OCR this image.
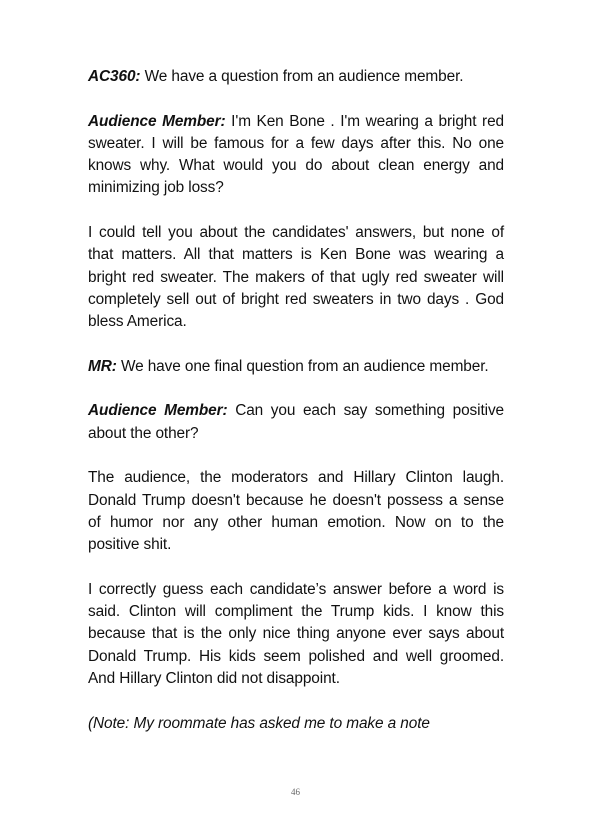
AC360: We have a question from an audience member.

Audience Member: I'm Ken Bone . I'm wearing a bright red sweater. I will be famous for a few days after this. No one knows why. What would you do about clean energy and minimizing job loss?

I could tell you about the candidates' answers, but none of that matters. All that matters is Ken Bone was wearing a bright red sweater. The makers of that ugly red sweater will completely sell out of bright red sweaters in two days . God bless America.

MR: We have one final question from an audience member.

Audience Member: Can you each say something positive about the other?

The audience, the moderators and Hillary Clinton laugh. Donald Trump doesn't because he doesn't possess a sense of humor nor any other human emotion. Now on to the positive shit.

I correctly guess each candidate’s answer before a word is said. Clinton will compliment the Trump kids. I know this because that is the only nice thing anyone ever says about Donald Trump. His kids seem polished and well groomed. And Hillary Clinton did not disappoint.

(Note: My roommate has asked me to make a note

46
